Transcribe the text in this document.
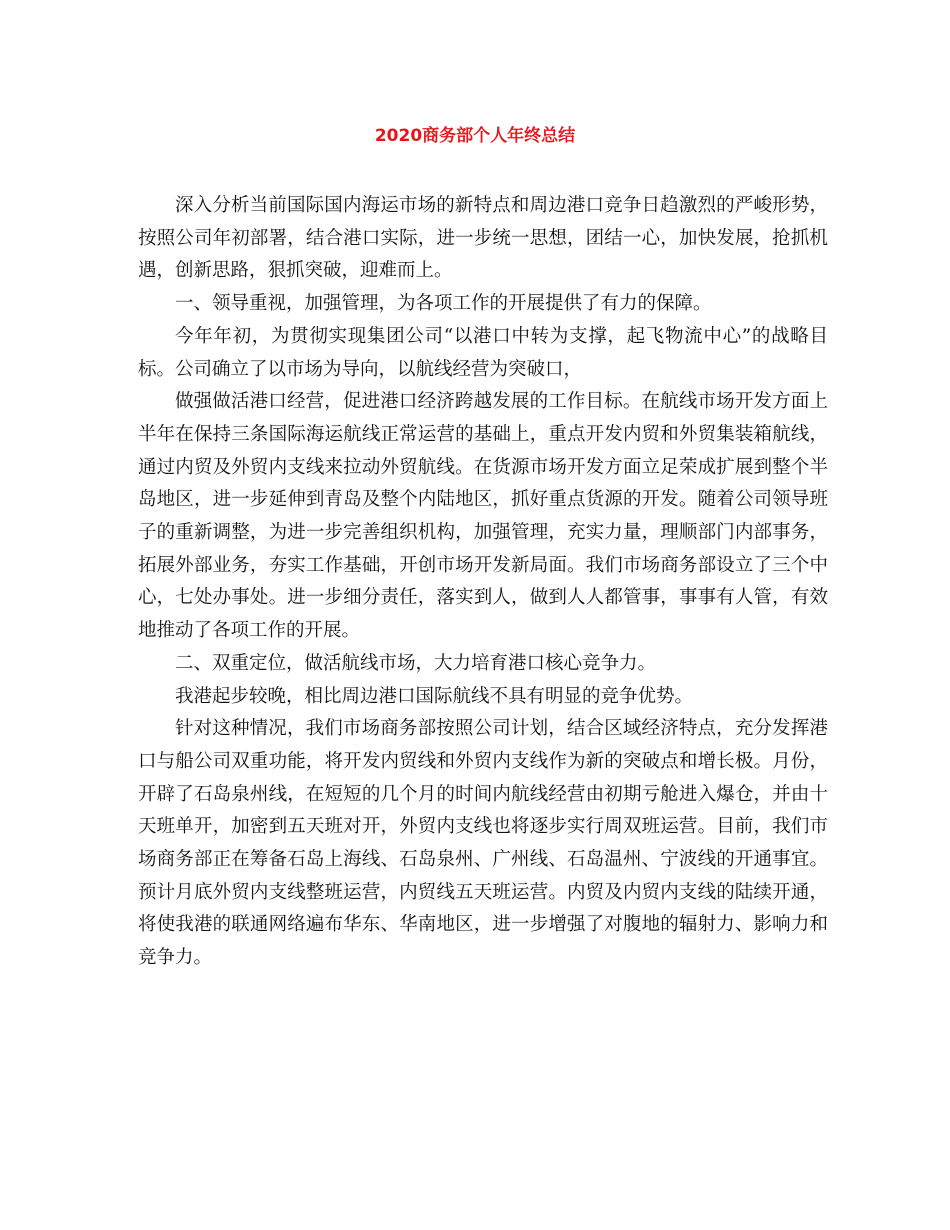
2020商务部个人年终总结

深入分析当前国际国内海运市场的新特点和周边港口竞争日趋激烈的严峻形势，按照公司年初部署，结合港口实际，进一步统一思想，团结一心，加快发展，抢抓机遇，创新思路，狠抓突破，迎难而上。

一、领导重视，加强管理，为各项工作的开展提供了有力的保障。

今年年初，为贯彻实现集团公司“以港口中转为支撑，起飞物流中心”的战略目标。公司确立了以市场为导向，以航线经营为突破口，

做强做活港口经营，促进港口经济跨越发展的工作目标。在航线市场开发方面上半年在保持三条国际海运航线正常运营的基础上，重点开发内贸和外贸集装箱航线，通过内贸及外贸内支线来拉动外贸航线。在货源市场开发方面立足荣成扩展到整个半岛地区，进一步延伸到青岛及整个内陆地区，抓好重点货源的开发。随着公司领导班子的重新调整，为进一步完善组织机构，加强管理，充实力量，理顺部门内部事务，拓展外部业务，夯实工作基础，开创市场开发新局面。我们市场商务部设立了三个中心，七处办事处。进一步细分责任，落实到人，做到人人都管事，事事有人管，有效地推动了各项工作的开展。

二、双重定位，做活航线市场，大力培育港口核心竞争力。

我港起步较晚，相比周边港口国际航线不具有明显的竞争优势。

针对这种情况，我们市场商务部按照公司计划，结合区域经济特点，充分发挥港口与船公司双重功能，将开发内贸线和外贸内支线作为新的突破点和增长极。月份，开辟了石岛泉州线，在短短的几个月的时间内航线经营由初期亏舱进入爆仓，并由十天班单开，加密到五天班对开，外贸内支线也将逐步实行周双班运营。目前，我们市场商务部正在筹备石岛上海线、石岛泉州、广州线、石岛温州、宁波线的开通事宜。预计月底外贸内支线整班运营，内贸线五天班运营。内贸及内贸内支线的陆续开通，将使我港的联通网络遍布华东、华南地区，进一步增强了对腹地的辐射力、影响力和竞争力。
